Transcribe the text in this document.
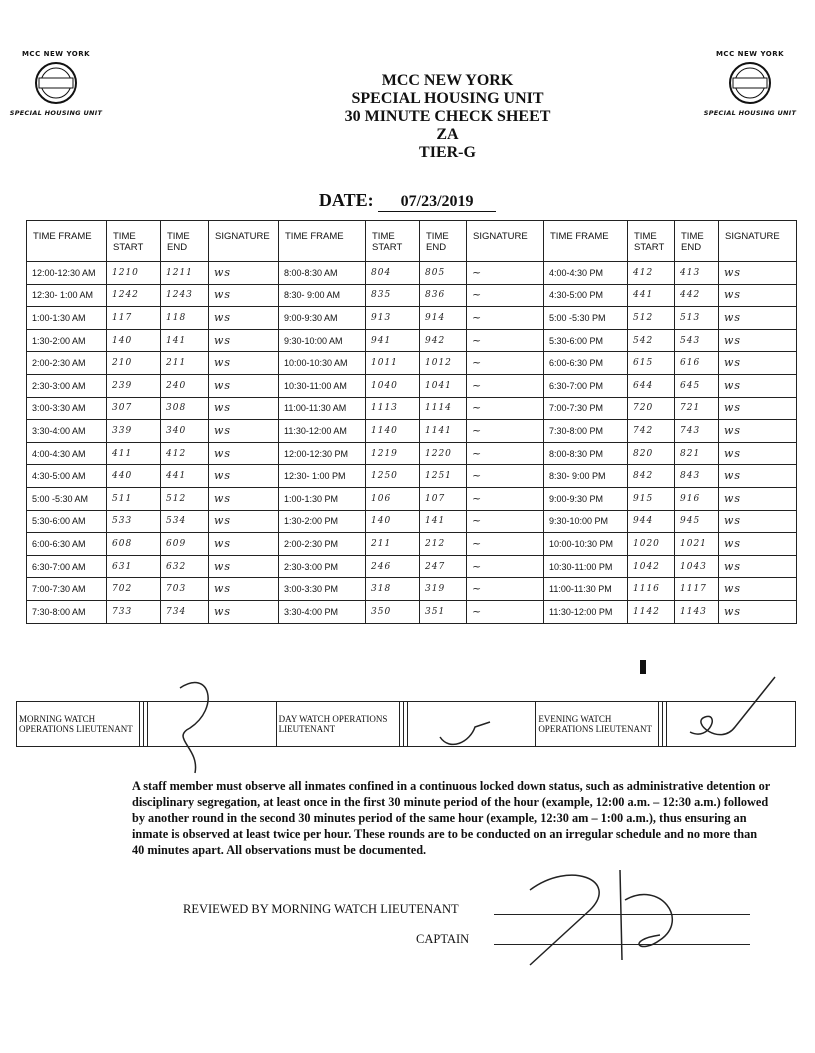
MCC NEW YORK
SPECIAL HOUSING UNIT
MCC NEW YORK
SPECIAL HOUSING UNIT
MCC NEW YORK
SPECIAL HOUSING UNIT
30 MINUTE CHECK SHEET
ZA
TIER-G
DATE: 07/23/2019
TIME FRAME	TIME START	TIME END	SIGNATURE	TIME FRAME	TIME START	TIME END	SIGNATURE	TIME FRAME	TIME START	TIME END	SIGNATURE
12:00-12:30 AM	1210	1211	ws	8:00-8:30 AM	804	805	~	4:00-4:30 PM	412	413	ws
12:30- 1:00 AM	1242	1243	ws	8:30- 9:00 AM	835	836	~	4:30-5:00 PM	441	442	ws
1:00-1:30 AM	117	118	ws	9:00-9:30 AM	913	914	~	5:00 -5:30 PM	512	513	ws
1:30-2:00 AM	140	141	ws	9:30-10:00 AM	941	942	~	5:30-6:00 PM	542	543	ws
2:00-2:30 AM	210	211	ws	10:00-10:30 AM	1011	1012	~	6:00-6:30 PM	615	616	ws
2:30-3:00 AM	239	240	ws	10:30-11:00 AM	1040	1041	~	6:30-7:00 PM	644	645	ws
3:00-3:30 AM	307	308	ws	11:00-11:30 AM	1113	1114	~	7:00-7:30 PM	720	721	ws
3:30-4:00 AM	339	340	ws	11:30-12:00 AM	1140	1141	~	7:30-8:00 PM	742	743	ws
4:00-4:30 AM	411	412	ws	12:00-12:30 PM	1219	1220	~	8:00-8:30 PM	820	821	ws
4:30-5:00 AM	440	441	ws	12:30- 1:00 PM	1250	1251	~	8:30- 9:00 PM	842	843	ws
5:00 -5:30 AM	511	512	ws	1:00-1:30 PM	106	107	~	9:00-9:30 PM	915	916	ws
5:30-6:00 AM	533	534	ws	1:30-2:00 PM	140	141	~	9:30-10:00 PM	944	945	ws
6:00-6:30 AM	608	609	ws	2:00-2:30 PM	211	212	~	10:00-10:30 PM	1020	1021	ws
6:30-7:00 AM	631	632	ws	2:30-3:00 PM	246	247	~	10:30-11:00 PM	1042	1043	ws
7:00-7:30 AM	702	703	ws	3:00-3:30 PM	318	319	~	11:00-11:30 PM	1116	1117	ws
7:30-8:00 AM	733	734	ws	3:30-4:00 PM	350	351	~	11:30-12:00 PM	1142	1143	ws
MORNING WATCH OPERATIONS LIEUTENANT				DAY WATCH OPERATIONS LIEUTENANT				EVENING WATCH OPERATIONS LIEUTENANT			
A staff member must observe all inmates confined in a continuous locked down status, such as administrative detention or disciplinary segregation, at least once in the first 30 minute period of the hour (example, 12:00 a.m. – 12:30 a.m.) followed by another round in the second 30 minutes period of the same hour (example, 12:30 am – 1:00 a.m.), thus ensuring an inmate is observed at least twice per hour. These rounds are to be conducted on an irregular schedule and no more than 40 minutes apart. All observations must be documented.
REVIEWED BY MORNING WATCH LIEUTENANT
CAPTAIN
